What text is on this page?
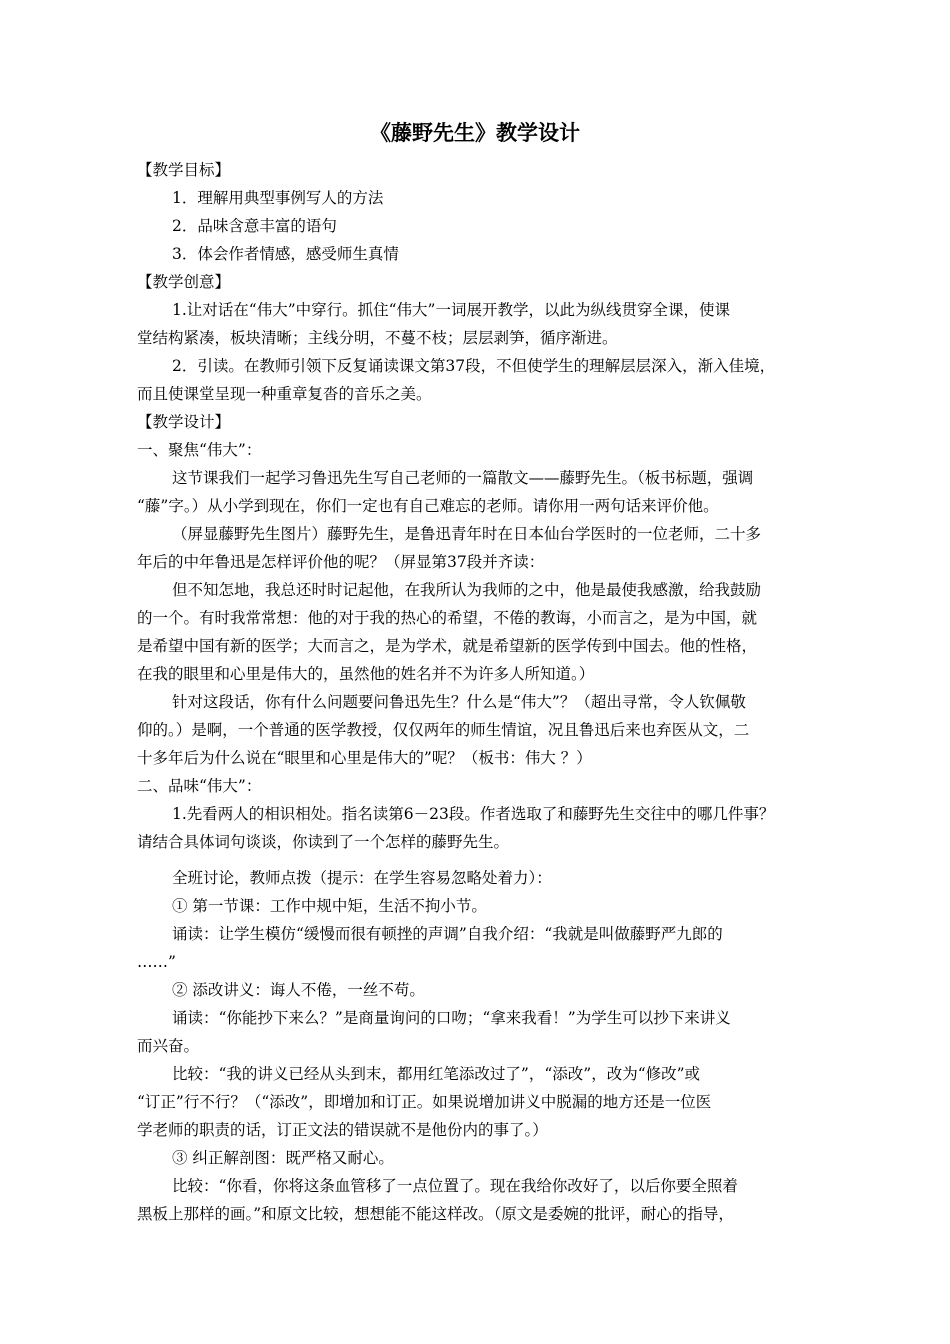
《藤野先生》教学设计
【教学目标】
1．理解用典型事例写人的方法
2．品味含意丰富的语句
3．体会作者情感，感受师生真情
【教学创意】
1.让对话在“伟大”中穿行。抓住“伟大”一词展开教学，以此为纵线贯穿全课，使课
堂结构紧凑，板块清晰；主线分明，不蔓不枝；层层剥笋，循序渐进。
2．引读。在教师引领下反复诵读课文第37段，不但使学生的理解层层深入，渐入佳境，
而且使课堂呈现一种重章复沓的音乐之美。
【教学设计】
一、聚焦“伟大”：
这节课我们一起学习鲁迅先生写自己老师的一篇散文——藤野先生。（板书标题，强调
“藤”字。）从小学到现在，你们一定也有自己难忘的老师。请你用一两句话来评价他。
（屏显藤野先生图片）藤野先生，是鲁迅青年时在日本仙台学医时的一位老师，二十多
年后的中年鲁迅是怎样评价他的呢？（屏显第37段并齐读：
但不知怎地，我总还时时记起他，在我所认为我师的之中，他是最使我感激，给我鼓励
的一个。有时我常常想：他的对于我的热心的希望，不倦的教诲，小而言之，是为中国，就
是希望中国有新的医学；大而言之，是为学术，就是希望新的医学传到中国去。他的性格，
在我的眼里和心里是伟大的，虽然他的姓名并不为许多人所知道。）
针对这段话，你有什么问题要问鲁迅先生？什么是“伟大”？（超出寻常，令人钦佩敬
仰的。）是啊，一个普通的医学教授，仅仅两年的师生情谊，况且鲁迅后来也弃医从文，二
十多年后为什么说在“眼里和心里是伟大的”呢？（板书：伟大 ？）
二、品味“伟大”：
1.先看两人的相识相处。指名读第6－23段。作者选取了和藤野先生交往中的哪几件事？
请结合具体词句谈谈，你读到了一个怎样的藤野先生。
全班讨论，教师点拨（提示：在学生容易忽略处着力）：
① 第一节课：工作中规中矩，生活不拘小节。
诵读：让学生模仿“缓慢而很有顿挫的声调”自我介绍：“我就是叫做藤野严九郎的
……”
② 添改讲义：诲人不倦，一丝不苟。
诵读：“你能抄下来么？”是商量询问的口吻；“拿来我看！”为学生可以抄下来讲义
而兴奋。
比较：“我的讲义已经从头到末，都用红笔添改过了”，“添改”，改为“修改”或
“订正”行不行？（“添改”，即增加和订正。如果说增加讲义中脱漏的地方还是一位医
学老师的职责的话，订正文法的错误就不是他份内的事了。）
③ 纠正解剖图：既严格又耐心。
比较：“你看，你将这条血管移了一点位置了。现在我给你改好了，以后你要全照着
黑板上那样的画。”和原文比较，想想能不能这样改。（原文是委婉的批评，耐心的指导，
